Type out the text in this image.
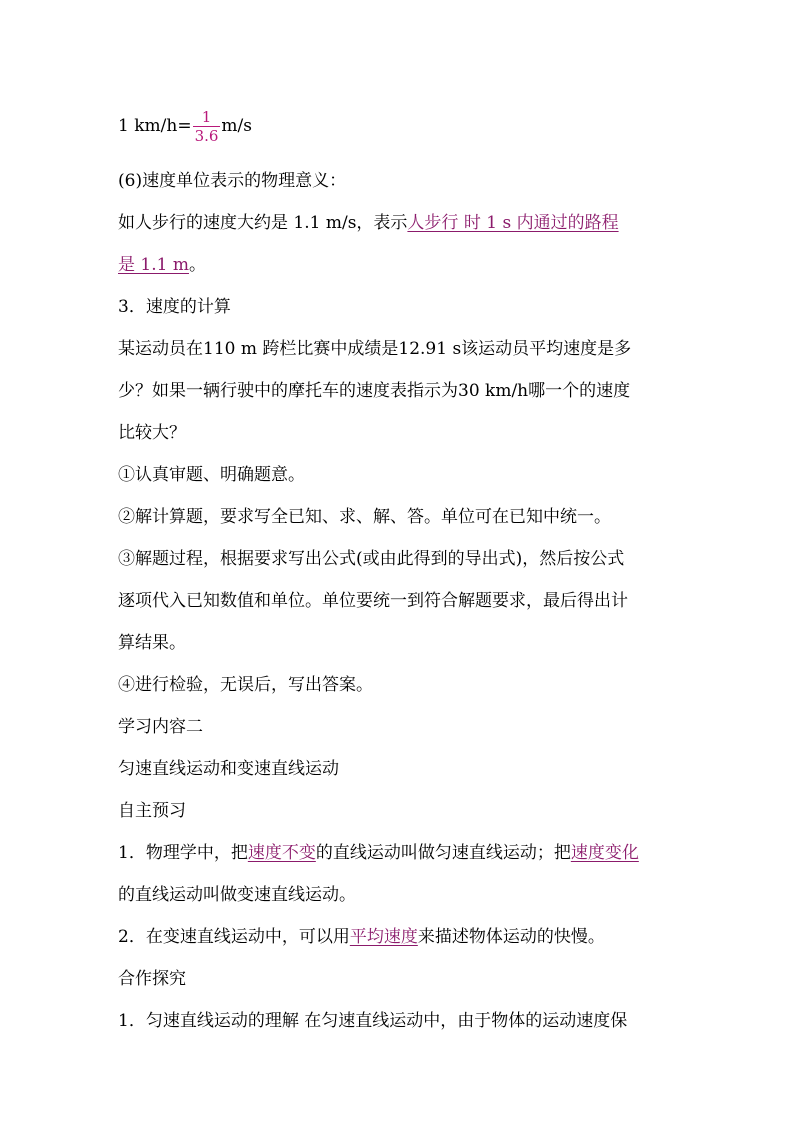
1 $km/h= \frac{1}{3.6} m/s$
(6)速度单位表示的物理意义：
如人步行的速度大约是 1.1 m/s，表示人步行 时 1 s 内通过的路程
是 1.1 m。
3．速度的计算
某运动员在110 m 跨栏比赛中成绩是12.91 s该运动员平均速度是多
少？如果一辆行驶中的摩托车的速度表指示为30 km/h哪一个的速度
比较大？
①认真审题、明确题意。
②解计算题，要求写全已知、求、解、答。单位可在已知中统一。
③解题过程，根据要求写出公式(或由此得到的导出式)，然后按公式
逐项代入已知数值和单位。单位要统一到符合解题要求，最后得出计
算结果。
④进行检验，无误后，写出答案。
学习内容二
匀速直线运动和变速直线运动
自主预习
1．物理学中，把速度不变的直线运动叫做匀速直线运动；把速度变化
的直线运动叫做变速直线运动。
2．在变速直线运动中，可以用平均速度来描述物体运动的快慢。
合作探究
1．匀速直线运动的理解 在匀速直线运动中，由于物体的运动速度保
